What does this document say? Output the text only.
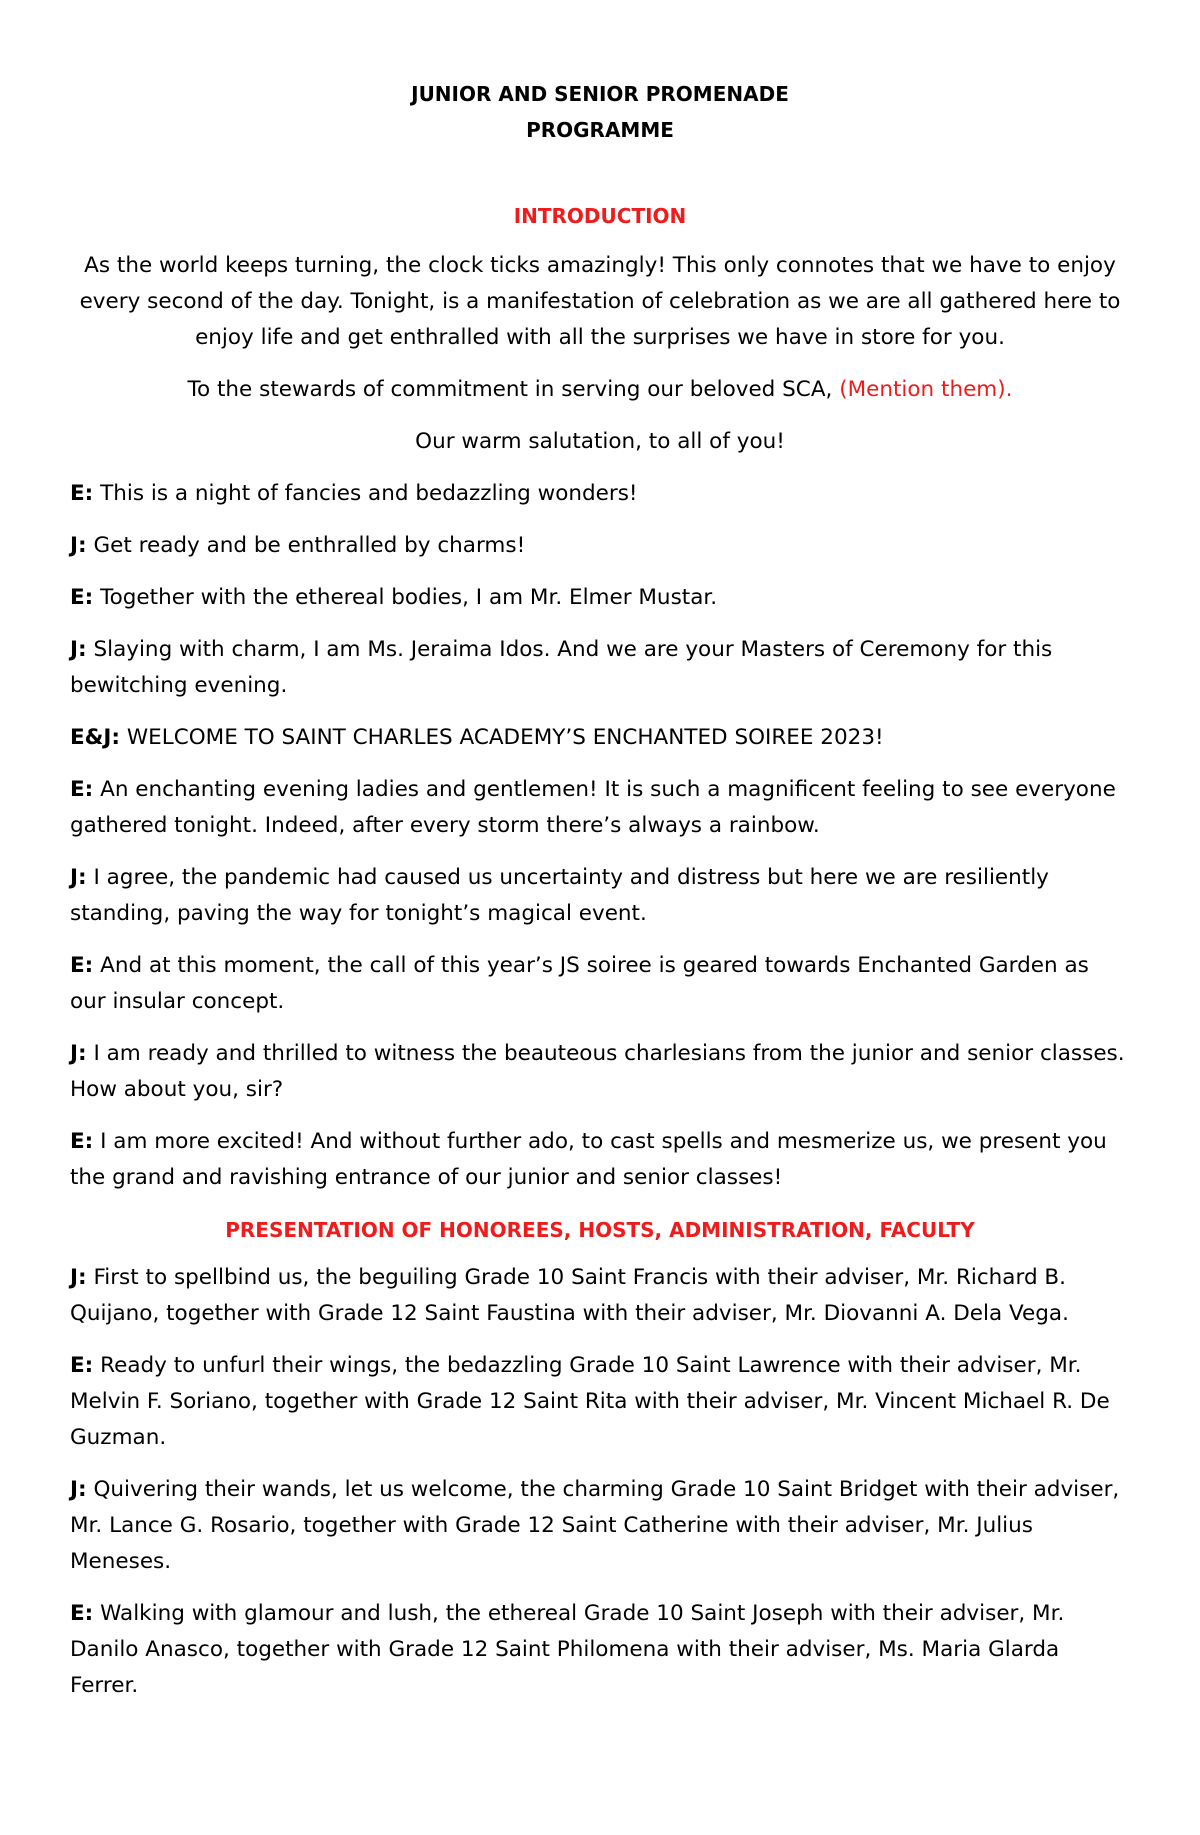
JUNIOR AND SENIOR PROMENADE

PROGRAMME

INTRODUCTION

As the world keeps turning, the clock ticks amazingly! This only connotes that we have to enjoy every second of the day. Tonight, is a manifestation of celebration as we are all gathered here to enjoy life and get enthralled with all the surprises we have in store for you.

To the stewards of commitment in serving our beloved SCA, (Mention them).

Our warm salutation, to all of you!

E: This is a night of fancies and bedazzling wonders!

J: Get ready and be enthralled by charms!

E: Together with the ethereal bodies, I am Mr. Elmer Mustar.

J: Slaying with charm, I am Ms. Jeraima Idos. And we are your Masters of Ceremony for this bewitching evening.

E&J: WELCOME TO SAINT CHARLES ACADEMY’S ENCHANTED SOIREE 2023!

E: An enchanting evening ladies and gentlemen! It is such a magnificent feeling to see everyone gathered tonight. Indeed, after every storm there’s always a rainbow.

J: I agree, the pandemic had caused us uncertainty and distress but here we are resiliently standing, paving the way for tonight’s magical event.

E: And at this moment, the call of this year’s JS soiree is geared towards Enchanted Garden as our insular concept.

J: I am ready and thrilled to witness the beauteous charlesians from the junior and senior classes. How about you, sir?

E: I am more excited! And without further ado, to cast spells and mesmerize us, we present you the grand and ravishing entrance of our junior and senior classes!

PRESENTATION OF HONOREES, HOSTS, ADMINISTRATION, FACULTY

J: First to spellbind us, the beguiling Grade 10 Saint Francis with their adviser, Mr. Richard B. Quijano, together with Grade 12 Saint Faustina with their adviser, Mr. Diovanni A. Dela Vega.

E: Ready to unfurl their wings, the bedazzling Grade 10 Saint Lawrence with their adviser, Mr. Melvin F. Soriano, together with Grade 12 Saint Rita with their adviser, Mr. Vincent Michael R. De Guzman.

J: Quivering their wands, let us welcome, the charming Grade 10 Saint Bridget with their adviser, Mr. Lance G. Rosario, together with Grade 12 Saint Catherine with their adviser, Mr. Julius Meneses.

E: Walking with glamour and lush, the ethereal Grade 10 Saint Joseph with their adviser, Mr. Danilo Anasco, together with Grade 12 Saint Philomena with their adviser, Ms. Maria Glarda Ferrer.
